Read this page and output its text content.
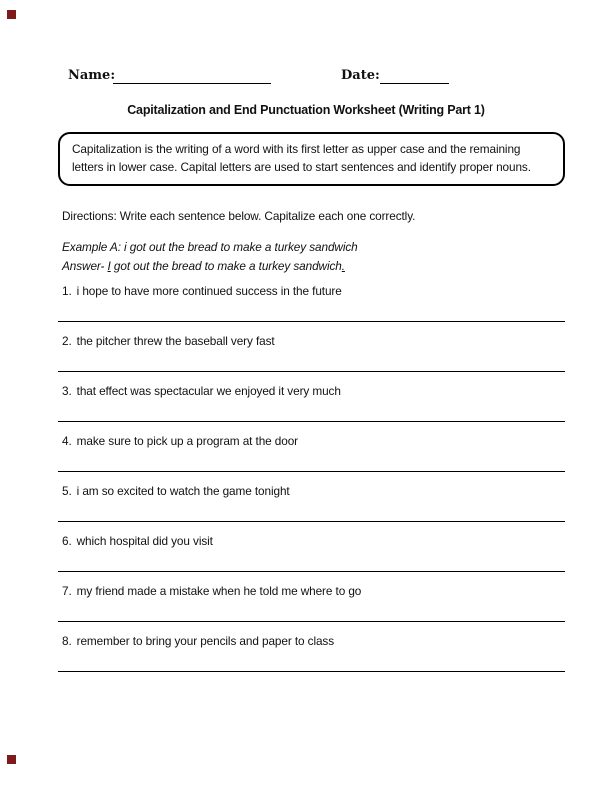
Name:	Date:
Capitalization and End Punctuation Worksheet (Writing Part 1)

Capitalization is the writing of a word with its first letter as upper case and the remaining letters in lower case. Capital letters are used to start sentences and identify proper nouns.

Directions: Write each sentence below. Capitalize each one correctly.
Example A: i got out the bread to make a turkey sandwich
Answer- I got out the bread to make a turkey sandwich.
1. i hope to have more continued success in the future
2. the pitcher threw the baseball very fast
3. that effect was spectacular we enjoyed it very much
4. make sure to pick up a program at the door
5. i am so excited to watch the game tonight
6. which hospital did you visit
7. my friend made a mistake when he told me where to go
8. remember to bring your pencils and paper to class
